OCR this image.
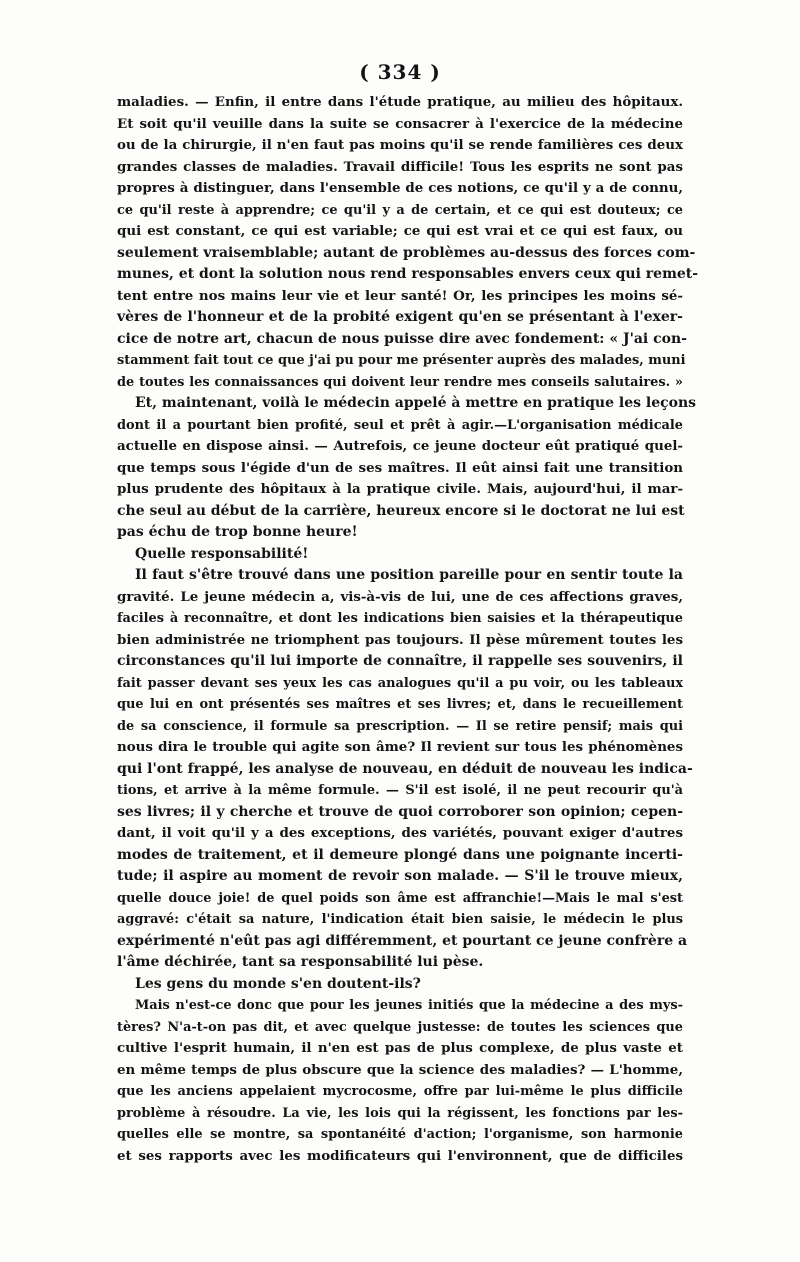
( 334 )
maladies. — Enfin, il entre dans l'étude pratique, au milieu des hôpitaux.
Et soit qu'il veuille dans la suite se consacrer à l'exercice de la médecine
ou de la chirurgie, il n'en faut pas moins qu'il se rende familières ces deux
grandes classes de maladies. Travail difficile! Tous les esprits ne sont pas
propres à distinguer, dans l'ensemble de ces notions, ce qu'il y a de connu,
ce qu'il reste à apprendre; ce qu'il y a de certain, et ce qui est douteux; ce
qui est constant, ce qui est variable; ce qui est vrai et ce qui est faux, ou
seulement vraisemblable; autant de problèmes au-dessus des forces com-
munes, et dont la solution nous rend responsables envers ceux qui remet-
tent entre nos mains leur vie et leur santé! Or, les principes les moins sé-
vères de l'honneur et de la probité exigent qu'en se présentant à l'exer-
cice de notre art, chacun de nous puisse dire avec fondement: « J'ai con-
stamment fait tout ce que j'ai pu pour me présenter auprès des malades, muni
de toutes les connaissances qui doivent leur rendre mes conseils salutaires. »
Et, maintenant, voilà le médecin appelé à mettre en pratique les leçons
dont il a pourtant bien profité, seul et prêt à agir.—L'organisation médicale
actuelle en dispose ainsi. — Autrefois, ce jeune docteur eût pratiqué quel-
que temps sous l'égide d'un de ses maîtres. Il eût ainsi fait une transition
plus prudente des hôpitaux à la pratique civile. Mais, aujourd'hui, il mar-
che seul au début de la carrière, heureux encore si le doctorat ne lui est
pas échu de trop bonne heure!
Quelle responsabilité!
Il faut s'être trouvé dans une position pareille pour en sentir toute la
gravité. Le jeune médecin a, vis-à-vis de lui, une de ces affections graves,
faciles à reconnaître, et dont les indications bien saisies et la thérapeutique
bien administrée ne triomphent pas toujours. Il pèse mûrement toutes les
circonstances qu'il lui importe de connaître, il rappelle ses souvenirs, il
fait passer devant ses yeux les cas analogues qu'il a pu voir, ou les tableaux
que lui en ont présentés ses maîtres et ses livres; et, dans le recueillement
de sa conscience, il formule sa prescription. — Il se retire pensif; mais qui
nous dira le trouble qui agite son âme? Il revient sur tous les phénomènes
qui l'ont frappé, les analyse de nouveau, en déduit de nouveau les indica-
tions, et arrive à la même formule. — S'il est isolé, il ne peut recourir qu'à
ses livres; il y cherche et trouve de quoi corroborer son opinion; cepen-
dant, il voit qu'il y a des exceptions, des variétés, pouvant exiger d'autres
modes de traitement, et il demeure plongé dans une poignante incerti-
tude; il aspire au moment de revoir son malade. — S'il le trouve mieux,
quelle douce joie! de quel poids son âme est affranchie!—Mais le mal s'est
aggravé: c'était sa nature, l'indication était bien saisie, le médecin le plus
expérimenté n'eût pas agi différemment, et pourtant ce jeune confrère a
l'âme déchirée, tant sa responsabilité lui pèse.
Les gens du monde s'en doutent-ils?
Mais n'est-ce donc que pour les jeunes initiés que la médecine a des mys-
tères? N'a-t-on pas dit, et avec quelque justesse: de toutes les sciences que
cultive l'esprit humain, il n'en est pas de plus complexe, de plus vaste et
en même temps de plus obscure que la science des maladies? — L'homme,
que les anciens appelaient mycrocosme, offre par lui-même le plus difficile
problème à résoudre. La vie, les lois qui la régissent, les fonctions par les-
quelles elle se montre, sa spontanéité d'action; l'organisme, son harmonie
et ses rapports avec les modificateurs qui l'environnent, que de difficiles
